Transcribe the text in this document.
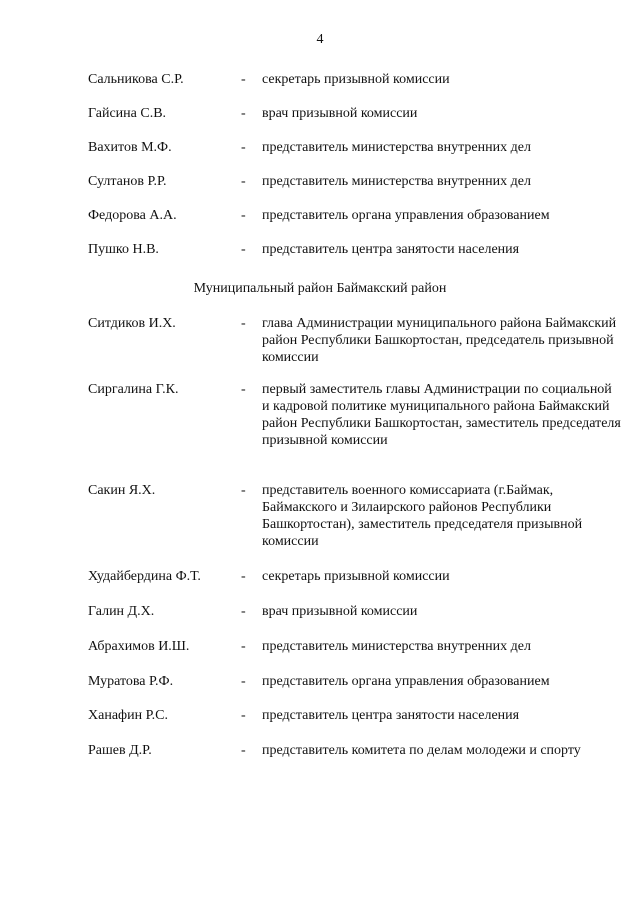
4
Сальникова С.Р.	- секретарь призывной комиссии
Гайсина С.В.	- врач призывной комиссии
Вахитов М.Ф.	- представитель министерства внутренних дел
Султанов Р.Р.	- представитель министерства внутренних дел
Федорова А.А.	- представитель органа управления образованием
Пушко Н.В.	- представитель центра занятости населения
Муниципальный район Баймакский район
Ситдиков И.Х.	- глава Администрации муниципального района Баймакский район Республики Башкортостан, председатель призывной комиссии
Сиргалина Г.К.	- первый заместитель главы Администрации по социальной и кадровой политике муниципального района Баймакский район Республики Башкортостан, заместитель председателя призывной комиссии
Сакин Я.Х.	- представитель военного комиссариата (г.Баймак, Баймакского и Зилаирского районов Республики Башкортостан), заместитель председателя призывной комиссии
Худайбердина Ф.Т.	- секретарь призывной комиссии
Галин Д.Х.	- врач призывной комиссии
Абрахимов И.Ш.	- представитель министерства внутренних дел
Муратова Р.Ф.	- представитель органа управления образованием
Ханафин Р.С.	- представитель центра занятости населения
Рашев Д.Р.	- представитель комитета по делам молодежи и спорту
